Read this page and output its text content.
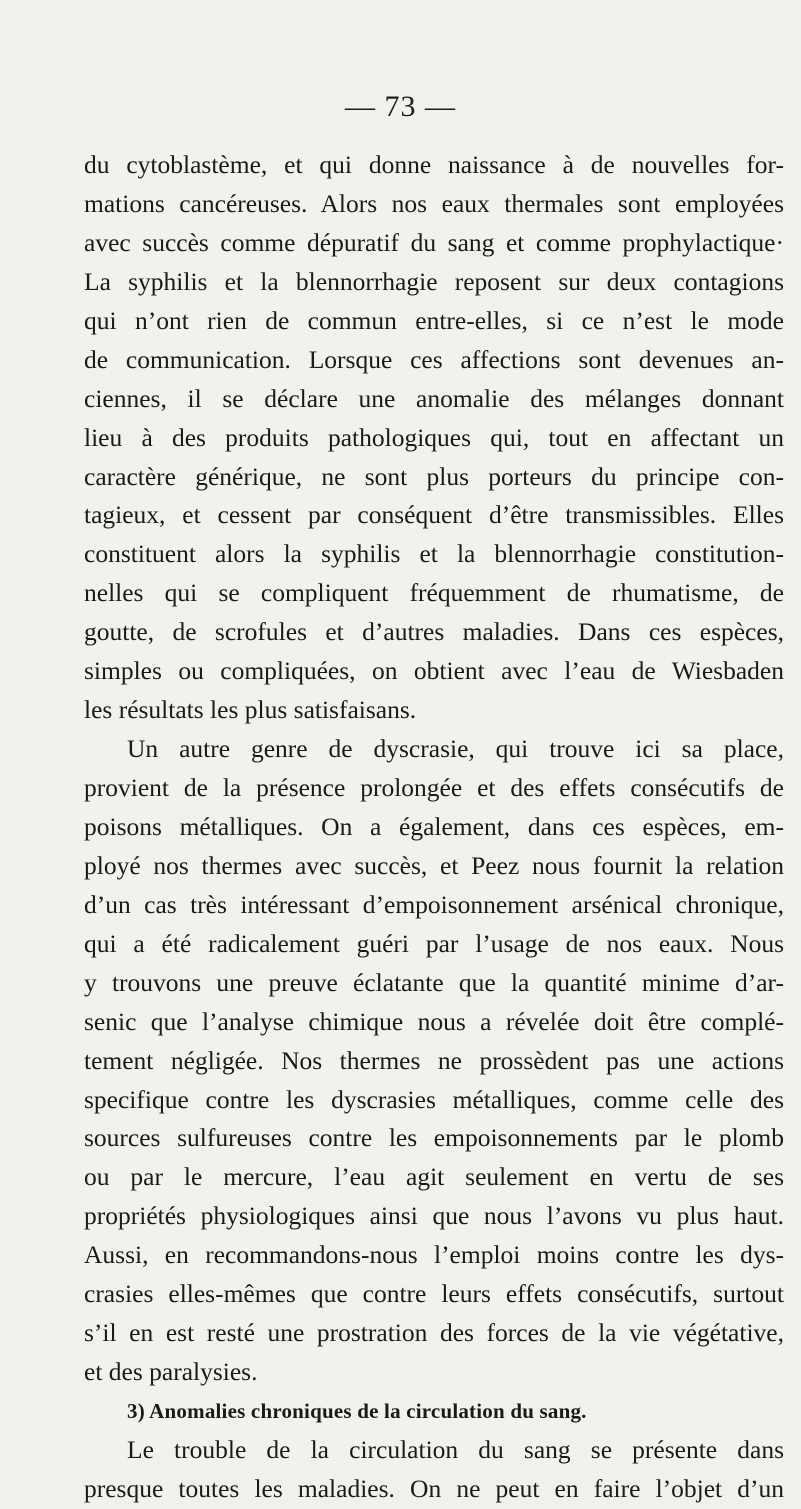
— 73 —
du cytoblastème, et qui donne naissance à de nouvelles for-
mations cancéreuses. Alors nos eaux thermales sont employées
avec succès comme dépuratif du sang et comme prophylactique·
La syphilis et la blennorrhagie reposent sur deux contagions
qui n’ont rien de commun entre-elles, si ce n’est le mode
de communication. Lorsque ces affections sont devenues an-
ciennes, il se déclare une anomalie des mélanges donnant
lieu à des produits pathologiques qui, tout en affectant un
caractère générique, ne sont plus porteurs du principe con-
tagieux, et cessent par conséquent d’être transmissibles. Elles
constituent alors la syphilis et la blennorrhagie constitution-
nelles qui se compliquent fréquemment de rhumatisme, de
goutte, de scrofules et d’autres maladies. Dans ces espèces,
simples ou compliquées, on obtient avec l’eau de Wiesbaden
les résultats les plus satisfaisans.
Un autre genre de dyscrasie, qui trouve ici sa place,
provient de la présence prolongée et des effets consécutifs de
poisons métalliques. On a également, dans ces espèces, em-
ployé nos thermes avec succès, et Peez nous fournit la relation
d’un cas très intéressant d’empoisonnement arsénical chronique,
qui a été radicalement guéri par l’usage de nos eaux. Nous
y trouvons une preuve éclatante que la quantité minime d’ar-
senic que l’analyse chimique nous a révelée doit être complé-
tement négligée. Nos thermes ne prossèdent pas une actions
specifique contre les dyscrasies métalliques, comme celle des
sources sulfureuses contre les empoisonnements par le plomb
ou par le mercure, l’eau agit seulement en vertu de ses
propriétés physiologiques ainsi que nous l’avons vu plus haut.
Aussi, en recommandons-nous l’emploi moins contre les dys-
crasies elles-mêmes que contre leurs effets consécutifs, surtout
s’il en est resté une prostration des forces de la vie végétative,
et des paralysies.
3) Anomalies chroniques de la circulation du sang.
Le trouble de la circulation du sang se présente dans
presque toutes les maladies. On ne peut en faire l’objet d’un
